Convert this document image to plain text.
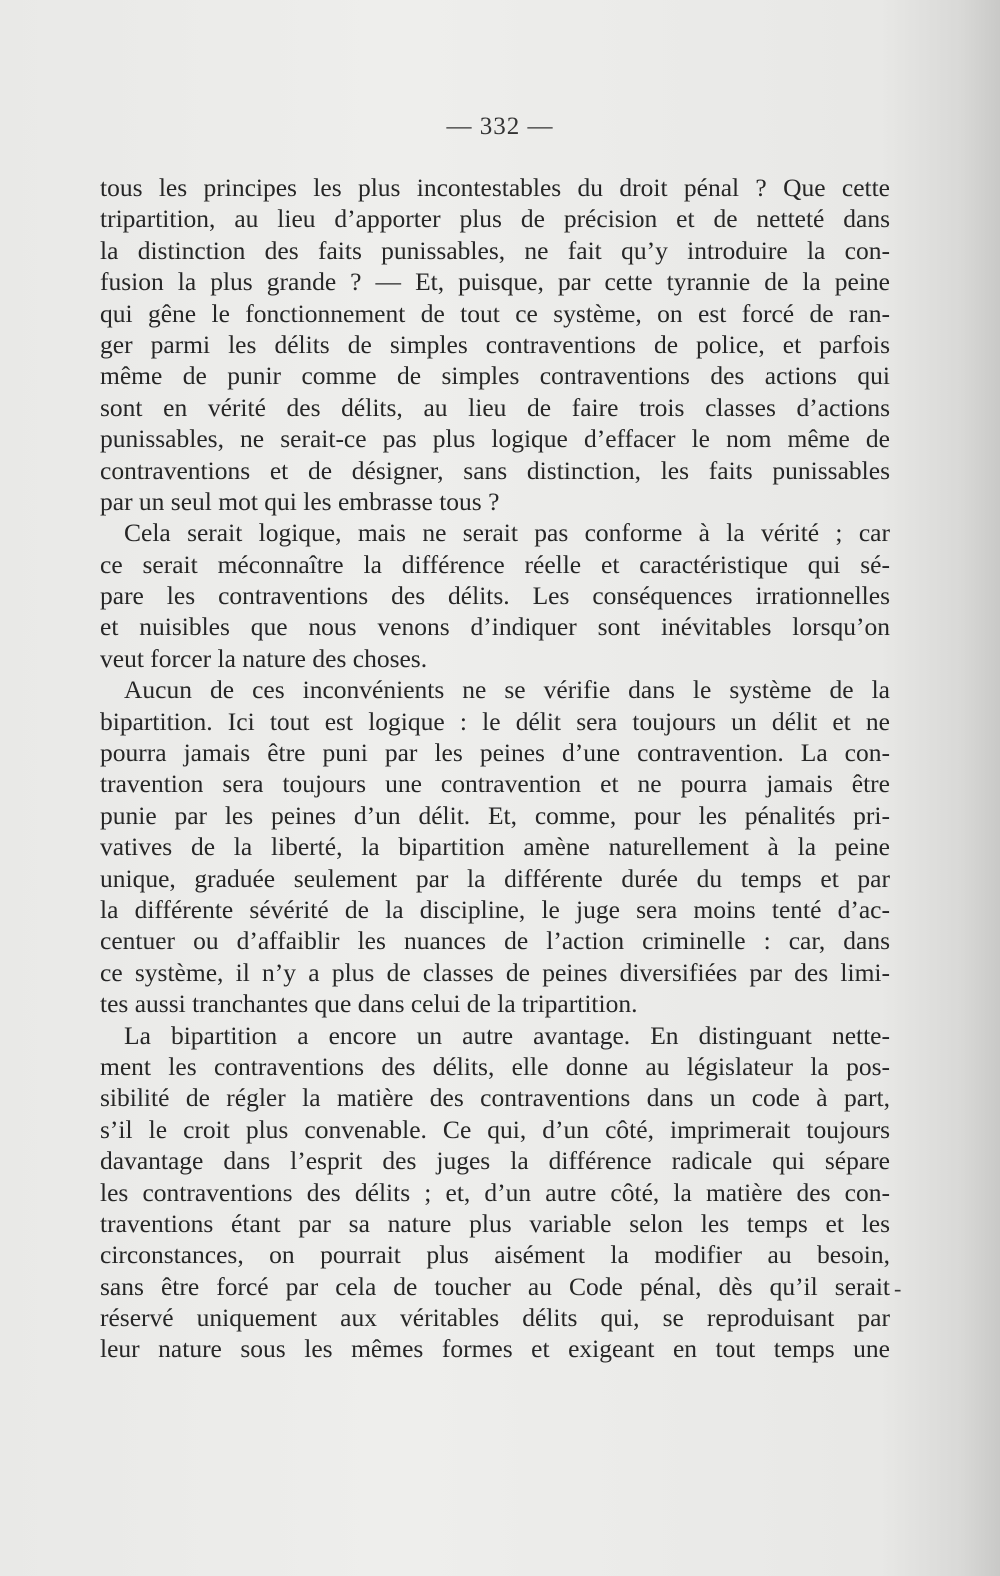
— 332 —
tous les principes les plus incontestables du droit pénal ? Que cette
tripartition, au lieu d’apporter plus de précision et de netteté dans
la distinction des faits punissables, ne fait qu’y introduire la con-
fusion la plus grande ? — Et, puisque, par cette tyrannie de la peine
qui gêne le fonctionnement de tout ce système, on est forcé de ran-
ger parmi les délits de simples contraventions de police, et parfois
même de punir comme de simples contraventions des actions qui
sont en vérité des délits, au lieu de faire trois classes d’actions
punissables, ne serait-ce pas plus logique d’effacer le nom même de
contraventions et de désigner, sans distinction, les faits punissables
par un seul mot qui les embrasse tous ?
Cela serait logique, mais ne serait pas conforme à la vérité ; car
ce serait méconnaître la différence réelle et caractéristique qui sé-
pare les contraventions des délits. Les conséquences irrationnelles
et nuisibles que nous venons d’indiquer sont inévitables lorsqu’on
veut forcer la nature des choses.
Aucun de ces inconvénients ne se vérifie dans le système de la
bipartition. Ici tout est logique : le délit sera toujours un délit et ne
pourra jamais être puni par les peines d’une contravention. La con-
travention sera toujours une contravention et ne pourra jamais être
punie par les peines d’un délit. Et, comme, pour les pénalités pri-
vatives de la liberté, la bipartition amène naturellement à la peine
unique, graduée seulement par la différente durée du temps et par
la différente sévérité de la discipline, le juge sera moins tenté d’ac-
centuer ou d’affaiblir les nuances de l’action criminelle : car, dans
ce système, il n’y a plus de classes de peines diversifiées par des limi-
tes aussi tranchantes que dans celui de la tripartition.
La bipartition a encore un autre avantage. En distinguant nette-
ment les contraventions des délits, elle donne au législateur la pos-
sibilité de régler la matière des contraventions dans un code à part,
s’il le croit plus convenable. Ce qui, d’un côté, imprimerait toujours
davantage dans l’esprit des juges la différence radicale qui sépare
les contraventions des délits ; et, d’un autre côté, la matière des con-
traventions étant par sa nature plus variable selon les temps et les
circonstances, on pourrait plus aisément la modifier au besoin,
sans être forcé par cela de toucher au Code pénal, dès qu’il serait
réservé uniquement aux véritables délits qui, se reproduisant par
leur nature sous les mêmes formes et exigeant en tout temps une
-
